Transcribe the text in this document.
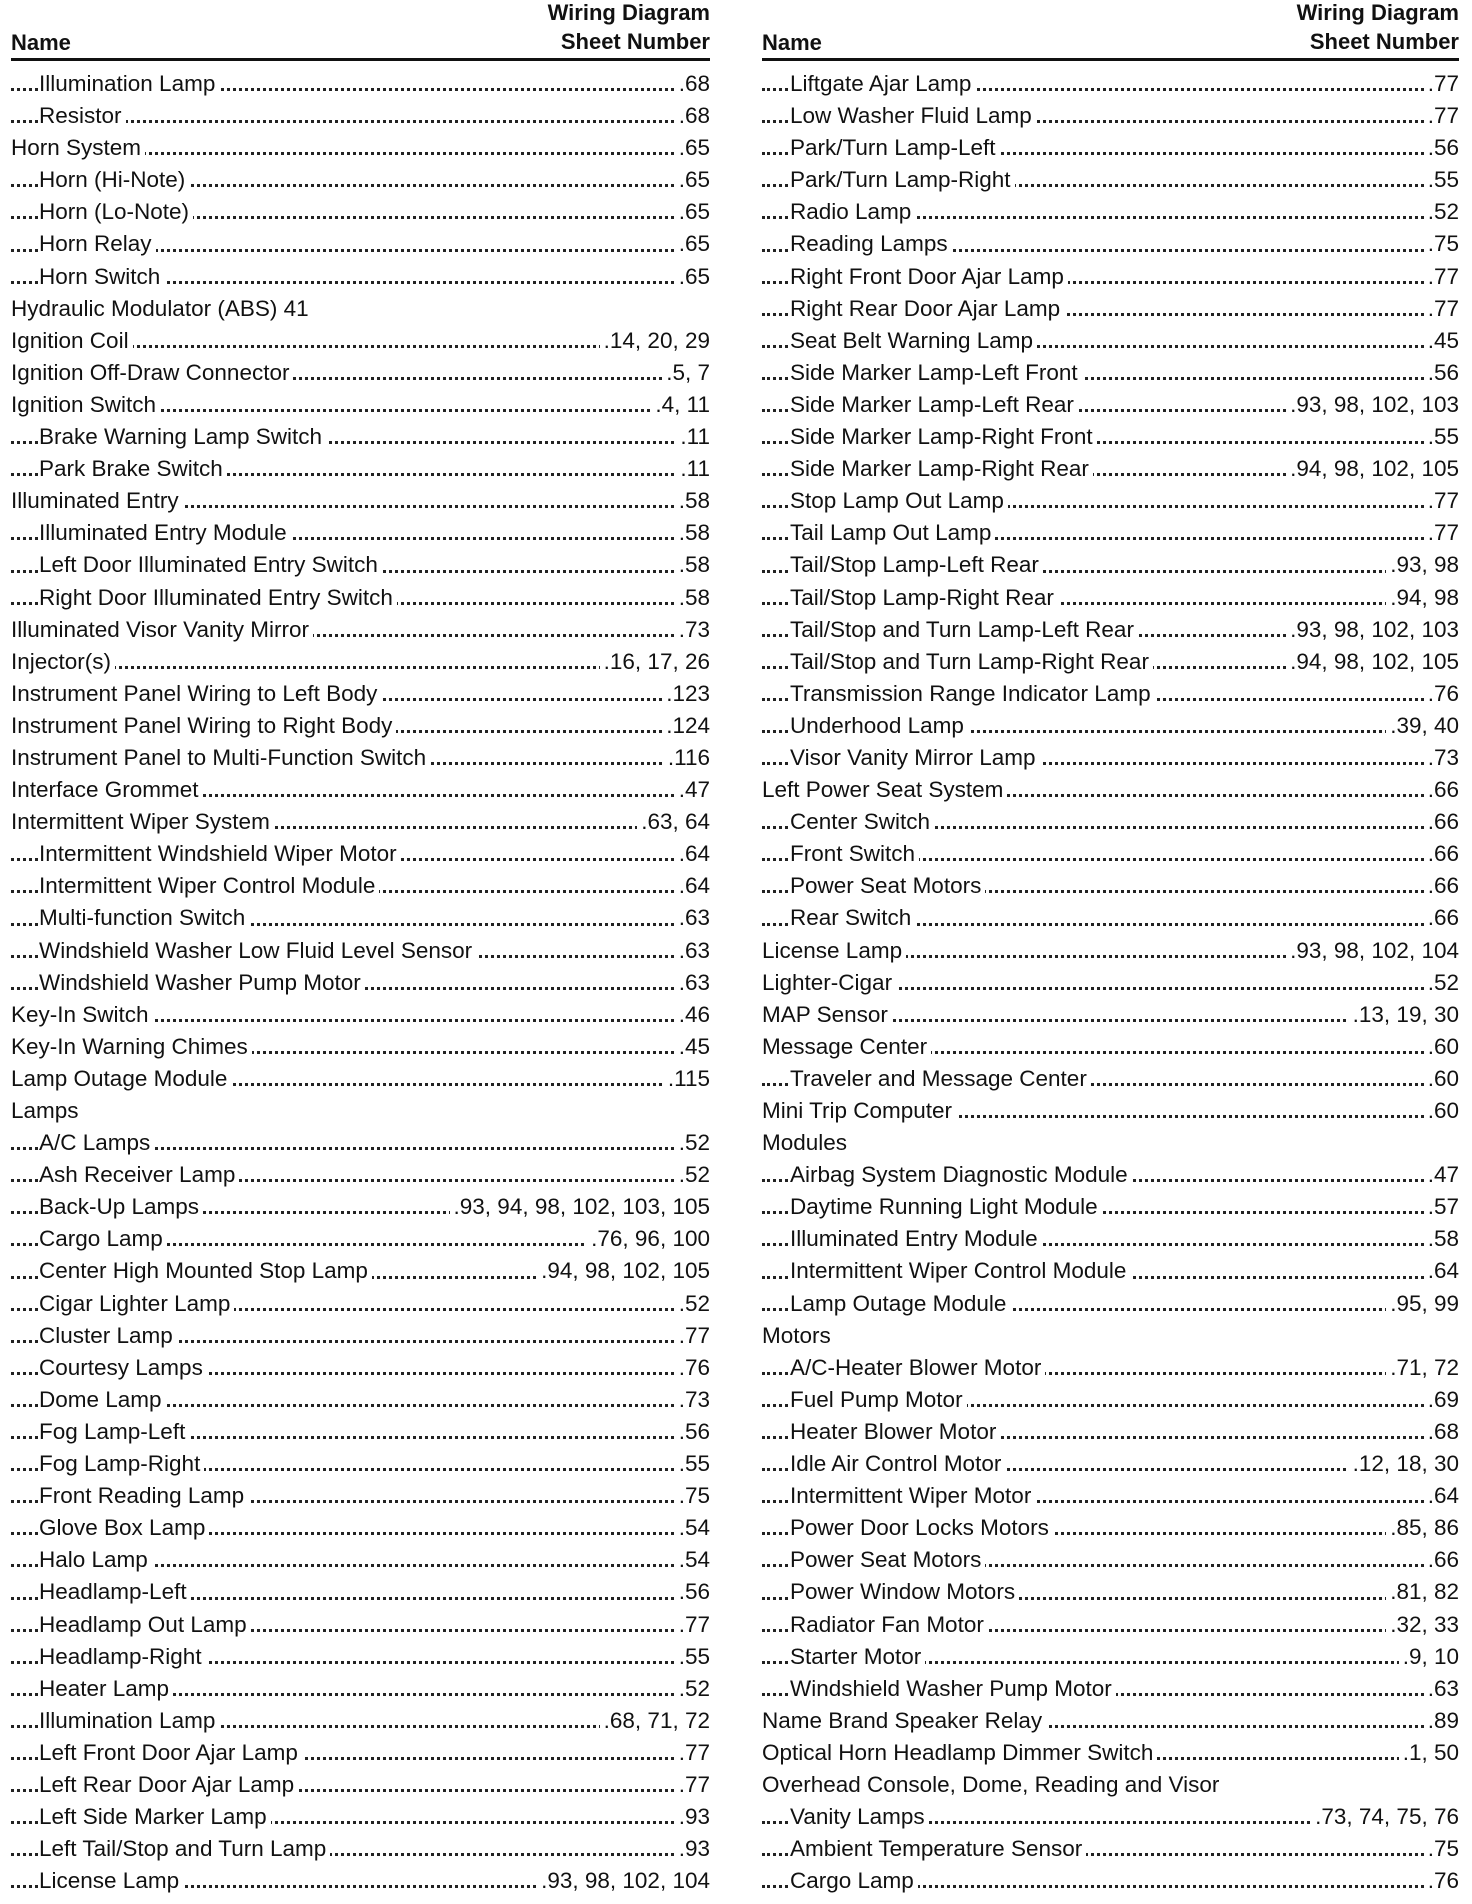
Name
Wiring Diagram
Sheet Number
Illumination Lamp	.68
Resistor	.68
Horn System	.65
Horn (Hi-Note)	.65
Horn (Lo-Note)	.65
Horn Relay	.65
Horn Switch	.65
Hydraulic Modulator (ABS) 41
Ignition Coil	.14, 20, 29
Ignition Off-Draw Connector	.5, 7
Ignition Switch	.4, 11
Brake Warning Lamp Switch	.11
Park Brake Switch	.11
Illuminated Entry	.58
Illuminated Entry Module	.58
Left Door Illuminated Entry Switch	.58
Right Door Illuminated Entry Switch	.58
Illuminated Visor Vanity Mirror	.73
Injector(s)	.16, 17, 26
Instrument Panel Wiring to Left Body	.123
Instrument Panel Wiring to Right Body	.124
Instrument Panel to Multi-Function Switch	.116
Interface Grommet	.47
Intermittent Wiper System	.63, 64
Intermittent Windshield Wiper Motor	.64
Intermittent Wiper Control Module	.64
Multi-function Switch	.63
Windshield Washer Low Fluid Level Sensor	.63
Windshield Washer Pump Motor	.63
Key-In Switch	.46
Key-In Warning Chimes	.45
Lamp Outage Module	.115
Lamps
A/C Lamps	.52
Ash Receiver Lamp	.52
Back-Up Lamps	.93, 94, 98, 102, 103, 105
Cargo Lamp	.76, 96, 100
Center High Mounted Stop Lamp	.94, 98, 102, 105
Cigar Lighter Lamp	.52
Cluster Lamp	.77
Courtesy Lamps	.76
Dome Lamp	.73
Fog Lamp-Left	.56
Fog Lamp-Right	.55
Front Reading Lamp	.75
Glove Box Lamp	.54
Halo Lamp	.54
Headlamp-Left	.56
Headlamp Out Lamp	.77
Headlamp-Right	.55
Heater Lamp	.52
Illumination Lamp	.68, 71, 72
Left Front Door Ajar Lamp	.77
Left Rear Door Ajar Lamp	.77
Left Side Marker Lamp	.93
Left Tail/Stop and Turn Lamp	.93
License Lamp	.93, 98, 102, 104
Name
Wiring Diagram
Sheet Number
Liftgate Ajar Lamp	.77
Low Washer Fluid Lamp	.77
Park/Turn Lamp-Left	.56
Park/Turn Lamp-Right	.55
Radio Lamp	.52
Reading Lamps	.75
Right Front Door Ajar Lamp	.77
Right Rear Door Ajar Lamp	.77
Seat Belt Warning Lamp	.45
Side Marker Lamp-Left Front	.56
Side Marker Lamp-Left Rear	.93, 98, 102, 103
Side Marker Lamp-Right Front	.55
Side Marker Lamp-Right Rear	.94, 98, 102, 105
Stop Lamp Out Lamp	.77
Tail Lamp Out Lamp	.77
Tail/Stop Lamp-Left Rear	.93, 98
Tail/Stop Lamp-Right Rear	.94, 98
Tail/Stop and Turn Lamp-Left Rear	.93, 98, 102, 103
Tail/Stop and Turn Lamp-Right Rear	.94, 98, 102, 105
Transmission Range Indicator Lamp	.76
Underhood Lamp	.39, 40
Visor Vanity Mirror Lamp	.73
Left Power Seat System	.66
Center Switch	.66
Front Switch	.66
Power Seat Motors	.66
Rear Switch	.66
License Lamp	.93, 98, 102, 104
Lighter-Cigar	.52
MAP Sensor	.13, 19, 30
Message Center	.60
Traveler and Message Center	.60
Mini Trip Computer	.60
Modules
Airbag System Diagnostic Module	.47
Daytime Running Light Module	.57
Illuminated Entry Module	.58
Intermittent Wiper Control Module	.64
Lamp Outage Module	.95, 99
Motors
A/C-Heater Blower Motor	.71, 72
Fuel Pump Motor	.69
Heater Blower Motor	.68
Idle Air Control Motor	.12, 18, 30
Intermittent Wiper Motor	.64
Power Door Locks Motors	.85, 86
Power Seat Motors	.66
Power Window Motors	.81, 82
Radiator Fan Motor	.32, 33
Starter Motor	.9, 10
Windshield Washer Pump Motor	.63
Name Brand Speaker Relay	.89
Optical Horn Headlamp Dimmer Switch	.1, 50
Overhead Console, Dome, Reading and Visor
Vanity Lamps	.73, 74, 75, 76
Ambient Temperature Sensor	.75
Cargo Lamp	.76
